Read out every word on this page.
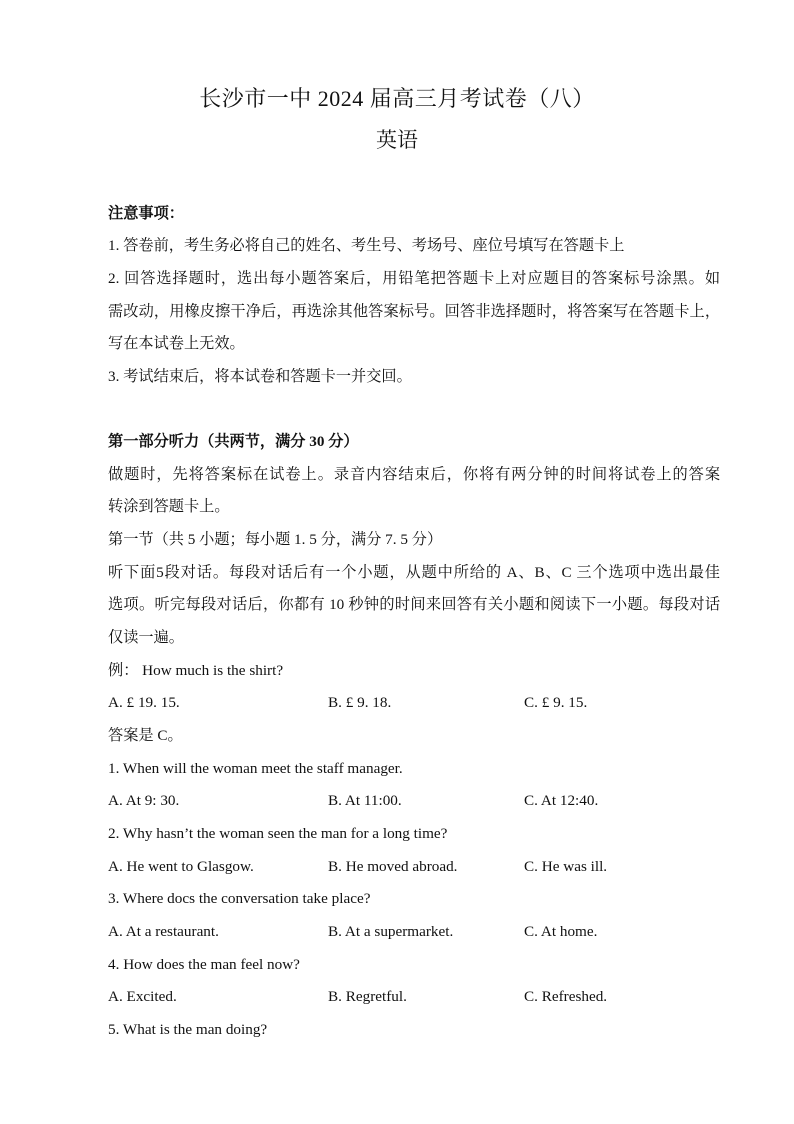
长沙市一中 2024 届高三月考试卷（八）
英语
注意事项：
1. 答卷前，考生务必将自己的姓名、考生号、考场号、座位号填写在答题卡上
2. 回答选择题时，选出每小题答案后，用铅笔把答题卡上对应题目的答案标号涂黑。如
需改动，用橡皮擦干净后，再选涂其他答案标号。回答非选择题时，将答案写在答题卡上，
写在本试卷上无效。
3. 考试结束后，将本试卷和答题卡一并交回。
第一部分听力（共两节，满分 30 分）
做题时，先将答案标在试卷上。录音内容结束后，你将有两分钟的时间将试卷上的答案
转涂到答题卡上。
第一节（共 5 小题；每小题 1. 5 分，满分 7. 5 分）
听下面5段对话。每段对话后有一个小题，从题中所给的 A、B、C 三个选项中选出最佳
选项。听完每段对话后，你都有 10 秒钟的时间来回答有关小题和阅读下一小题。每段对话
仅读一遍。
例： How much is the shirt?
A. £ 19. 15.	B. £ 9. 18.	C. £ 9. 15.
答案是 C。
1. When will the woman meet the staff manager.
A. At 9: 30.	B. At 11:00.	C. At 12:40.
2. Why hasn’t the woman seen the man for a long time?
A. He went to Glasgow.	B. He moved abroad.	C. He was ill.
3. Where docs the conversation take place?
A. At a restaurant.	B. At a supermarket.	C. At home.
4. How does the man feel now?
A. Excited.	B. Regretful.	C. Refreshed.
5. What is the man doing?
